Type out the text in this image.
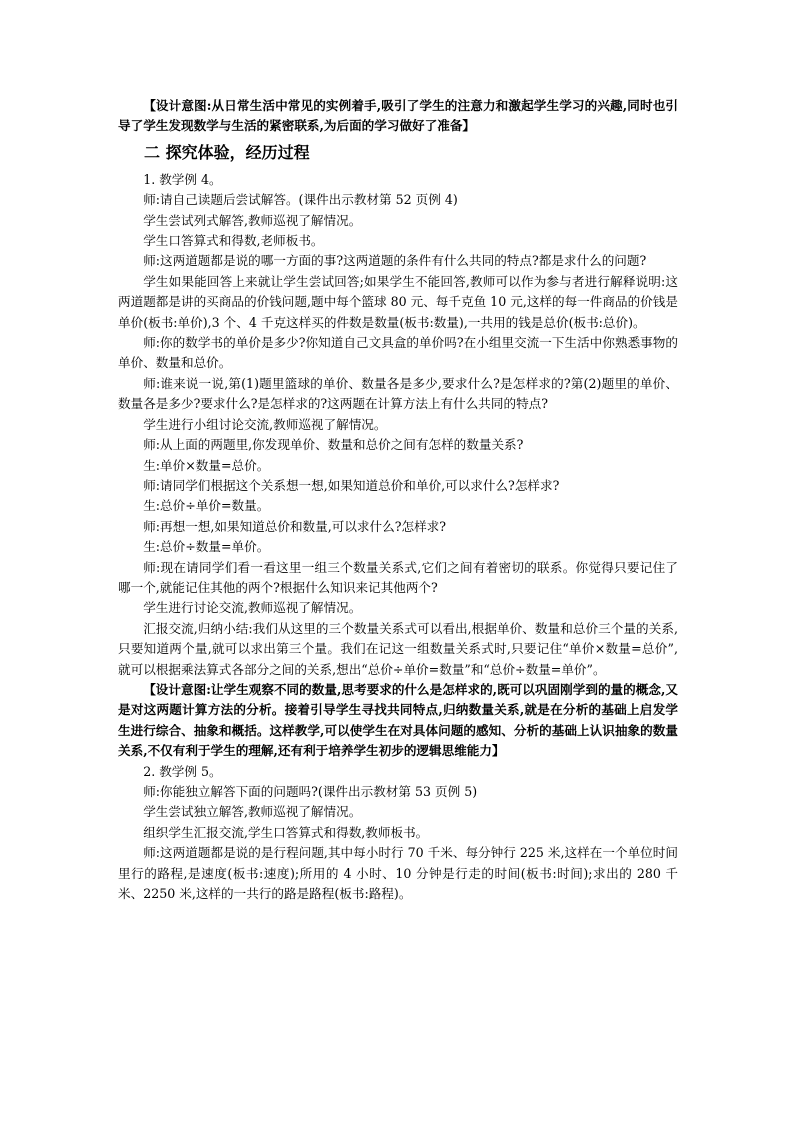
【设计意图:从日常生活中常见的实例着手,吸引了学生的注意力和激起学生学习的兴趣,同时也引导了学生发现数学与生活的紧密联系,为后面的学习做好了准备】

二 探究体验，经历过程

1. 教学例 4。

师:请自己读题后尝试解答。(课件出示教材第 52 页例 4)

学生尝试列式解答,教师巡视了解情况。

学生口答算式和得数,老师板书。

师:这两道题都是说的哪一方面的事?这两道题的条件有什么共同的特点?都是求什么的问题?

学生如果能回答上来就让学生尝试回答;如果学生不能回答,教师可以作为参与者进行解释说明:这两道题都是讲的买商品的价钱问题,题中每个篮球 80 元、每千克鱼 10 元,这样的每一件商品的价钱是单价(板书:单价),3 个、4 千克这样买的件数是数量(板书:数量),一共用的钱是总价(板书:总价)。

师:你的数学书的单价是多少?你知道自己文具盒的单价吗?在小组里交流一下生活中你熟悉事物的单价、数量和总价。

师:谁来说一说,第(1)题里篮球的单价、数量各是多少,要求什么?是怎样求的?第(2)题里的单价、数量各是多少?要求什么?是怎样求的?这两题在计算方法上有什么共同的特点?

学生进行小组讨论交流,教师巡视了解情况。

师:从上面的两题里,你发现单价、数量和总价之间有怎样的数量关系?

生:单价×数量=总价。

师:请同学们根据这个关系想一想,如果知道总价和单价,可以求什么?怎样求?

生:总价÷单价=数量。

师:再想一想,如果知道总价和数量,可以求什么?怎样求?

生:总价÷数量=单价。

师:现在请同学们看一看这里一组三个数量关系式,它们之间有着密切的联系。你觉得只要记住了哪一个,就能记住其他的两个?根据什么知识来记其他两个?

学生进行讨论交流,教师巡视了解情况。

汇报交流,归纳小结:我们从这里的三个数量关系式可以看出,根据单价、数量和总价三个量的关系,只要知道两个量,就可以求出第三个量。我们在记这一组数量关系式时,只要记住“单价×数量=总价”,就可以根据乘法算式各部分之间的关系,想出“总价÷单价=数量”和“总价÷数量=单价”。

【设计意图:让学生观察不同的数量,思考要求的什么是怎样求的,既可以巩固刚学到的量的概念,又是对这两题计算方法的分析。接着引导学生寻找共同特点,归纳数量关系,就是在分析的基础上启发学生进行综合、抽象和概括。这样教学,可以使学生在对具体问题的感知、分析的基础上认识抽象的数量关系,不仅有利于学生的理解,还有利于培养学生初步的逻辑思维能力】

2. 教学例 5。

师:你能独立解答下面的问题吗?(课件出示教材第 53 页例 5)

学生尝试独立解答,教师巡视了解情况。

组织学生汇报交流,学生口答算式和得数,教师板书。

师:这两道题都是说的是行程问题,其中每小时行 70 千米、每分钟行 225 米,这样在一个单位时间里行的路程,是速度(板书:速度);所用的 4 小时、10 分钟是行走的时间(板书:时间);求出的 280 千米、2250 米,这样的一共行的路是路程(板书:路程)。
